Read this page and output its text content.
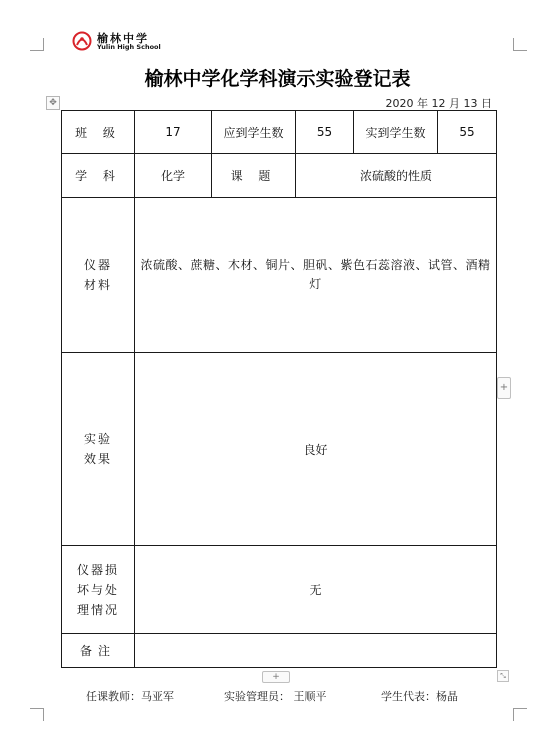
榆林中学
Yulin High School
榆林中学化学科演示实验登记表
2020 年 12 月 13 日
✥
班 级	17	应到学生数	55	实到学生数	55
学 科	化学	课 题	浓硫酸的性质		

仪器
材料	浓硫酸、蔗糖、木材、铜片、胆矾、紫色石蕊溶液、试管、酒精灯				

实验
效果	良好				

仪器损
坏与处
理情况	无				
备注					
+
+	⤡
任课教师：马亚军	实验管理员： 王顺平	学生代表：杨晶
